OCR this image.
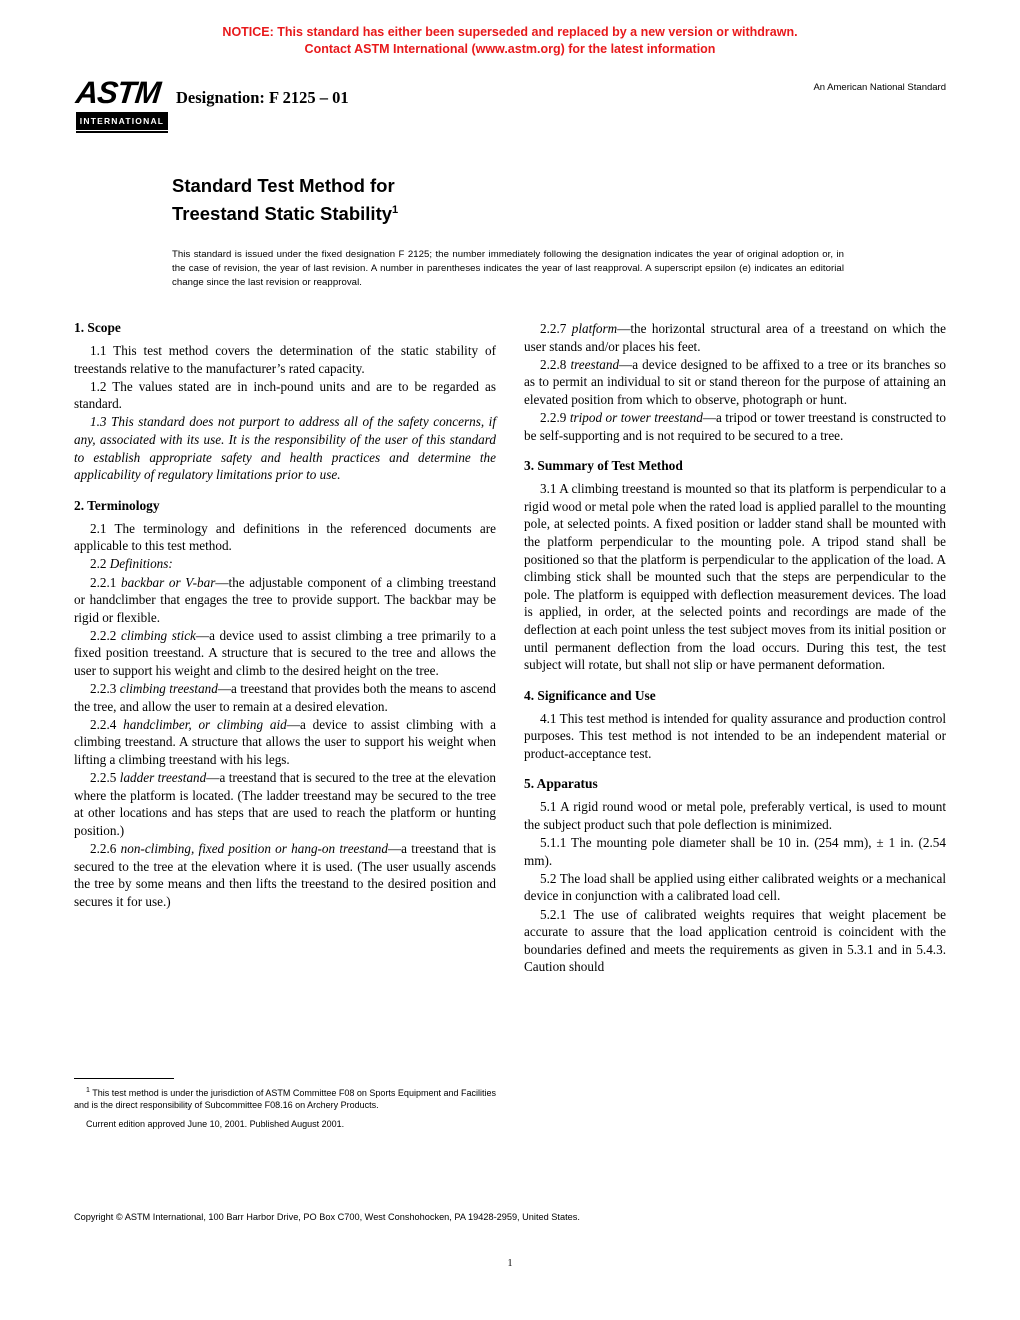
NOTICE: This standard has either been superseded and replaced by a new version or withdrawn.
Contact ASTM International (www.astm.org) for the latest information
ASTM
INTERNATIONAL
Designation: F 2125 – 01
An American National Standard
Standard Test Method for
Treestand Static Stability$^1$
This standard is issued under the fixed designation F 2125; the number immediately following the designation indicates the year of original adoption or, in the case of revision, the year of last revision. A number in parentheses indicates the year of last reapproval. A superscript epsilon (e) indicates an editorial change since the last revision or reapproval.
1. Scope

1.1 This test method covers the determination of the static stability of treestands relative to the manufacturer’s rated capacity.

1.2 The values stated are in inch-pound units and are to be regarded as standard.

1.3 This standard does not purport to address all of the safety concerns, if any, associated with its use. It is the responsibility of the user of this standard to establish appropriate safety and health practices and determine the applicability of regulatory limitations prior to use.

2. Terminology

2.1 The terminology and definitions in the referenced documents are applicable to this test method.

2.2 Definitions:

2.2.1 backbar or V-bar—the adjustable component of a climbing treestand or handclimber that engages the tree to provide support. The backbar may be rigid or flexible.

2.2.2 climbing stick—a device used to assist climbing a tree primarily to a fixed position treestand. A structure that is secured to the tree and allows the user to support his weight and climb to the desired height on the tree.

2.2.3 climbing treestand—a treestand that provides both the means to ascend the tree, and allow the user to remain at a desired elevation.

2.2.4 handclimber, or climbing aid—a device to assist climbing with a climbing treestand. A structure that allows the user to support his weight when lifting a climbing treestand with his legs.

2.2.5 ladder treestand—a treestand that is secured to the tree at the elevation where the platform is located. (The ladder treestand may be secured to the tree at other locations and has steps that are used to reach the platform or hunting position.)

2.2.6 non-climbing, fixed position or hang-on treestand—a treestand that is secured to the tree at the elevation where it is used. (The user usually ascends the tree by some means and then lifts the treestand to the desired position and secures it for use.)

2.2.7 platform—the horizontal structural area of a treestand on which the user stands and/or places his feet.

2.2.8 treestand—a device designed to be affixed to a tree or its branches so as to permit an individual to sit or stand thereon for the purpose of attaining an elevated position from which to observe, photograph or hunt.

2.2.9 tripod or tower treestand—a tripod or tower treestand is constructed to be self-supporting and is not required to be secured to a tree.

3. Summary of Test Method

3.1 A climbing treestand is mounted so that its platform is perpendicular to a rigid wood or metal pole when the rated load is applied parallel to the mounting pole, at selected points. A fixed position or ladder stand shall be mounted with the platform perpendicular to the mounting pole. A tripod stand shall be positioned so that the platform is perpendicular to the application of the load. A climbing stick shall be mounted such that the steps are perpendicular to the pole. The platform is equipped with deflection measurement devices. The load is applied, in order, at the selected points and recordings are made of the deflection at each point unless the test subject moves from its initial position or until permanent deflection from the load occurs. During this test, the test subject will rotate, but shall not slip or have permanent deformation.

4. Significance and Use

4.1 This test method is intended for quality assurance and production control purposes. This test method is not intended to be an independent material or product-acceptance test.

5. Apparatus

5.1 A rigid round wood or metal pole, preferably vertical, is used to mount the subject product such that pole deflection is minimized.

5.1.1 The mounting pole diameter shall be 10 in. (254 mm), ± 1 in. (2.54 mm).

5.2 The load shall be applied using either calibrated weights or a mechanical device in conjunction with a calibrated load cell.

5.2.1 The use of calibrated weights requires that weight placement be accurate to assure that the load application centroid is coincident with the boundaries defined and meets the requirements as given in 5.3.1 and in 5.4.3. Caution should

$^1$ This test method is under the jurisdiction of ASTM Committee F08 on Sports Equipment and Facilities and is the direct responsibility of Subcommittee F08.16 on Archery Products.

Current edition approved June 10, 2001. Published August 2001.

Copyright © ASTM International, 100 Barr Harbor Drive, PO Box C700, West Conshohocken, PA 19428-2959, United States.
1
